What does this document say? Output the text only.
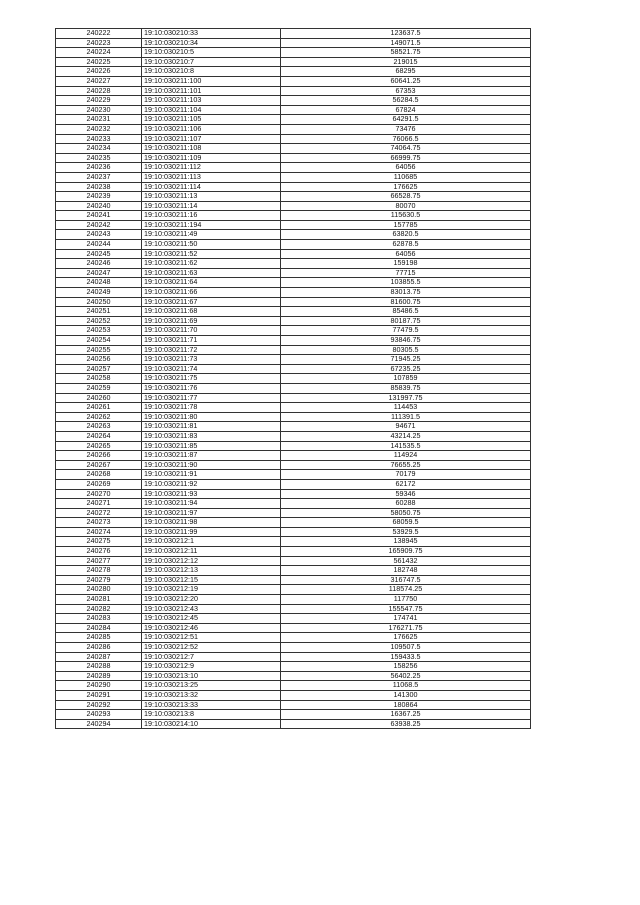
240222	19:10:030210:33	123637.5
240223	19:10:030210:34	149071.5
240224	19:10:030210:5	58521.75
240225	19:10:030210:7	219015
240226	19:10:030210:8	68295
240227	19:10:030211:100	60641.25
240228	19:10:030211:101	67353
240229	19:10:030211:103	56284.5
240230	19:10:030211:104	67824
240231	19:10:030211:105	64291.5
240232	19:10:030211:106	73476
240233	19:10:030211:107	76066.5
240234	19:10:030211:108	74064.75
240235	19:10:030211:109	66999.75
240236	19:10:030211:112	64056
240237	19:10:030211:113	110685
240238	19:10:030211:114	176625
240239	19:10:030211:13	66528.75
240240	19:10:030211:14	80070
240241	19:10:030211:16	115630.5
240242	19:10:030211:194	157785
240243	19:10:030211:49	63820.5
240244	19:10:030211:50	62878.5
240245	19:10:030211:52	64056
240246	19:10:030211:62	159198
240247	19:10:030211:63	77715
240248	19:10:030211:64	103855.5
240249	19:10:030211:66	83013.75
240250	19:10:030211:67	81600.75
240251	19:10:030211:68	85486.5
240252	19:10:030211:69	80187.75
240253	19:10:030211:70	77479.5
240254	19:10:030211:71	93846.75
240255	19:10:030211:72	80305.5
240256	19:10:030211:73	71945.25
240257	19:10:030211:74	67235.25
240258	19:10:030211:75	107859
240259	19:10:030211:76	85839.75
240260	19:10:030211:77	131997.75
240261	19:10:030211:78	114453
240262	19:10:030211:80	111391.5
240263	19:10:030211:81	94671
240264	19:10:030211:83	43214.25
240265	19:10:030211:85	141535.5
240266	19:10:030211:87	114924
240267	19:10:030211:90	76655.25
240268	19:10:030211:91	70179
240269	19:10:030211:92	62172
240270	19:10:030211:93	59346
240271	19:10:030211:94	60288
240272	19:10:030211:97	58050.75
240273	19:10:030211:98	68059.5
240274	19:10:030211:99	53929.5
240275	19:10:030212:1	138945
240276	19:10:030212:11	165909.75
240277	19:10:030212:12	561432
240278	19:10:030212:13	182748
240279	19:10:030212:15	316747.5
240280	19:10:030212:19	118574.25
240281	19:10:030212:20	117750
240282	19:10:030212:43	155547.75
240283	19:10:030212:45	174741
240284	19:10:030212:46	176271.75
240285	19:10:030212:51	176625
240286	19:10:030212:52	109507.5
240287	19:10:030212:7	159433.5
240288	19:10:030212:9	158256
240289	19:10:030213:10	56402.25
240290	19:10:030213:25	11068.5
240291	19:10:030213:32	141300
240292	19:10:030213:33	180864
240293	19:10:030213:8	16367.25
240294	19:10:030214:10	63938.25
